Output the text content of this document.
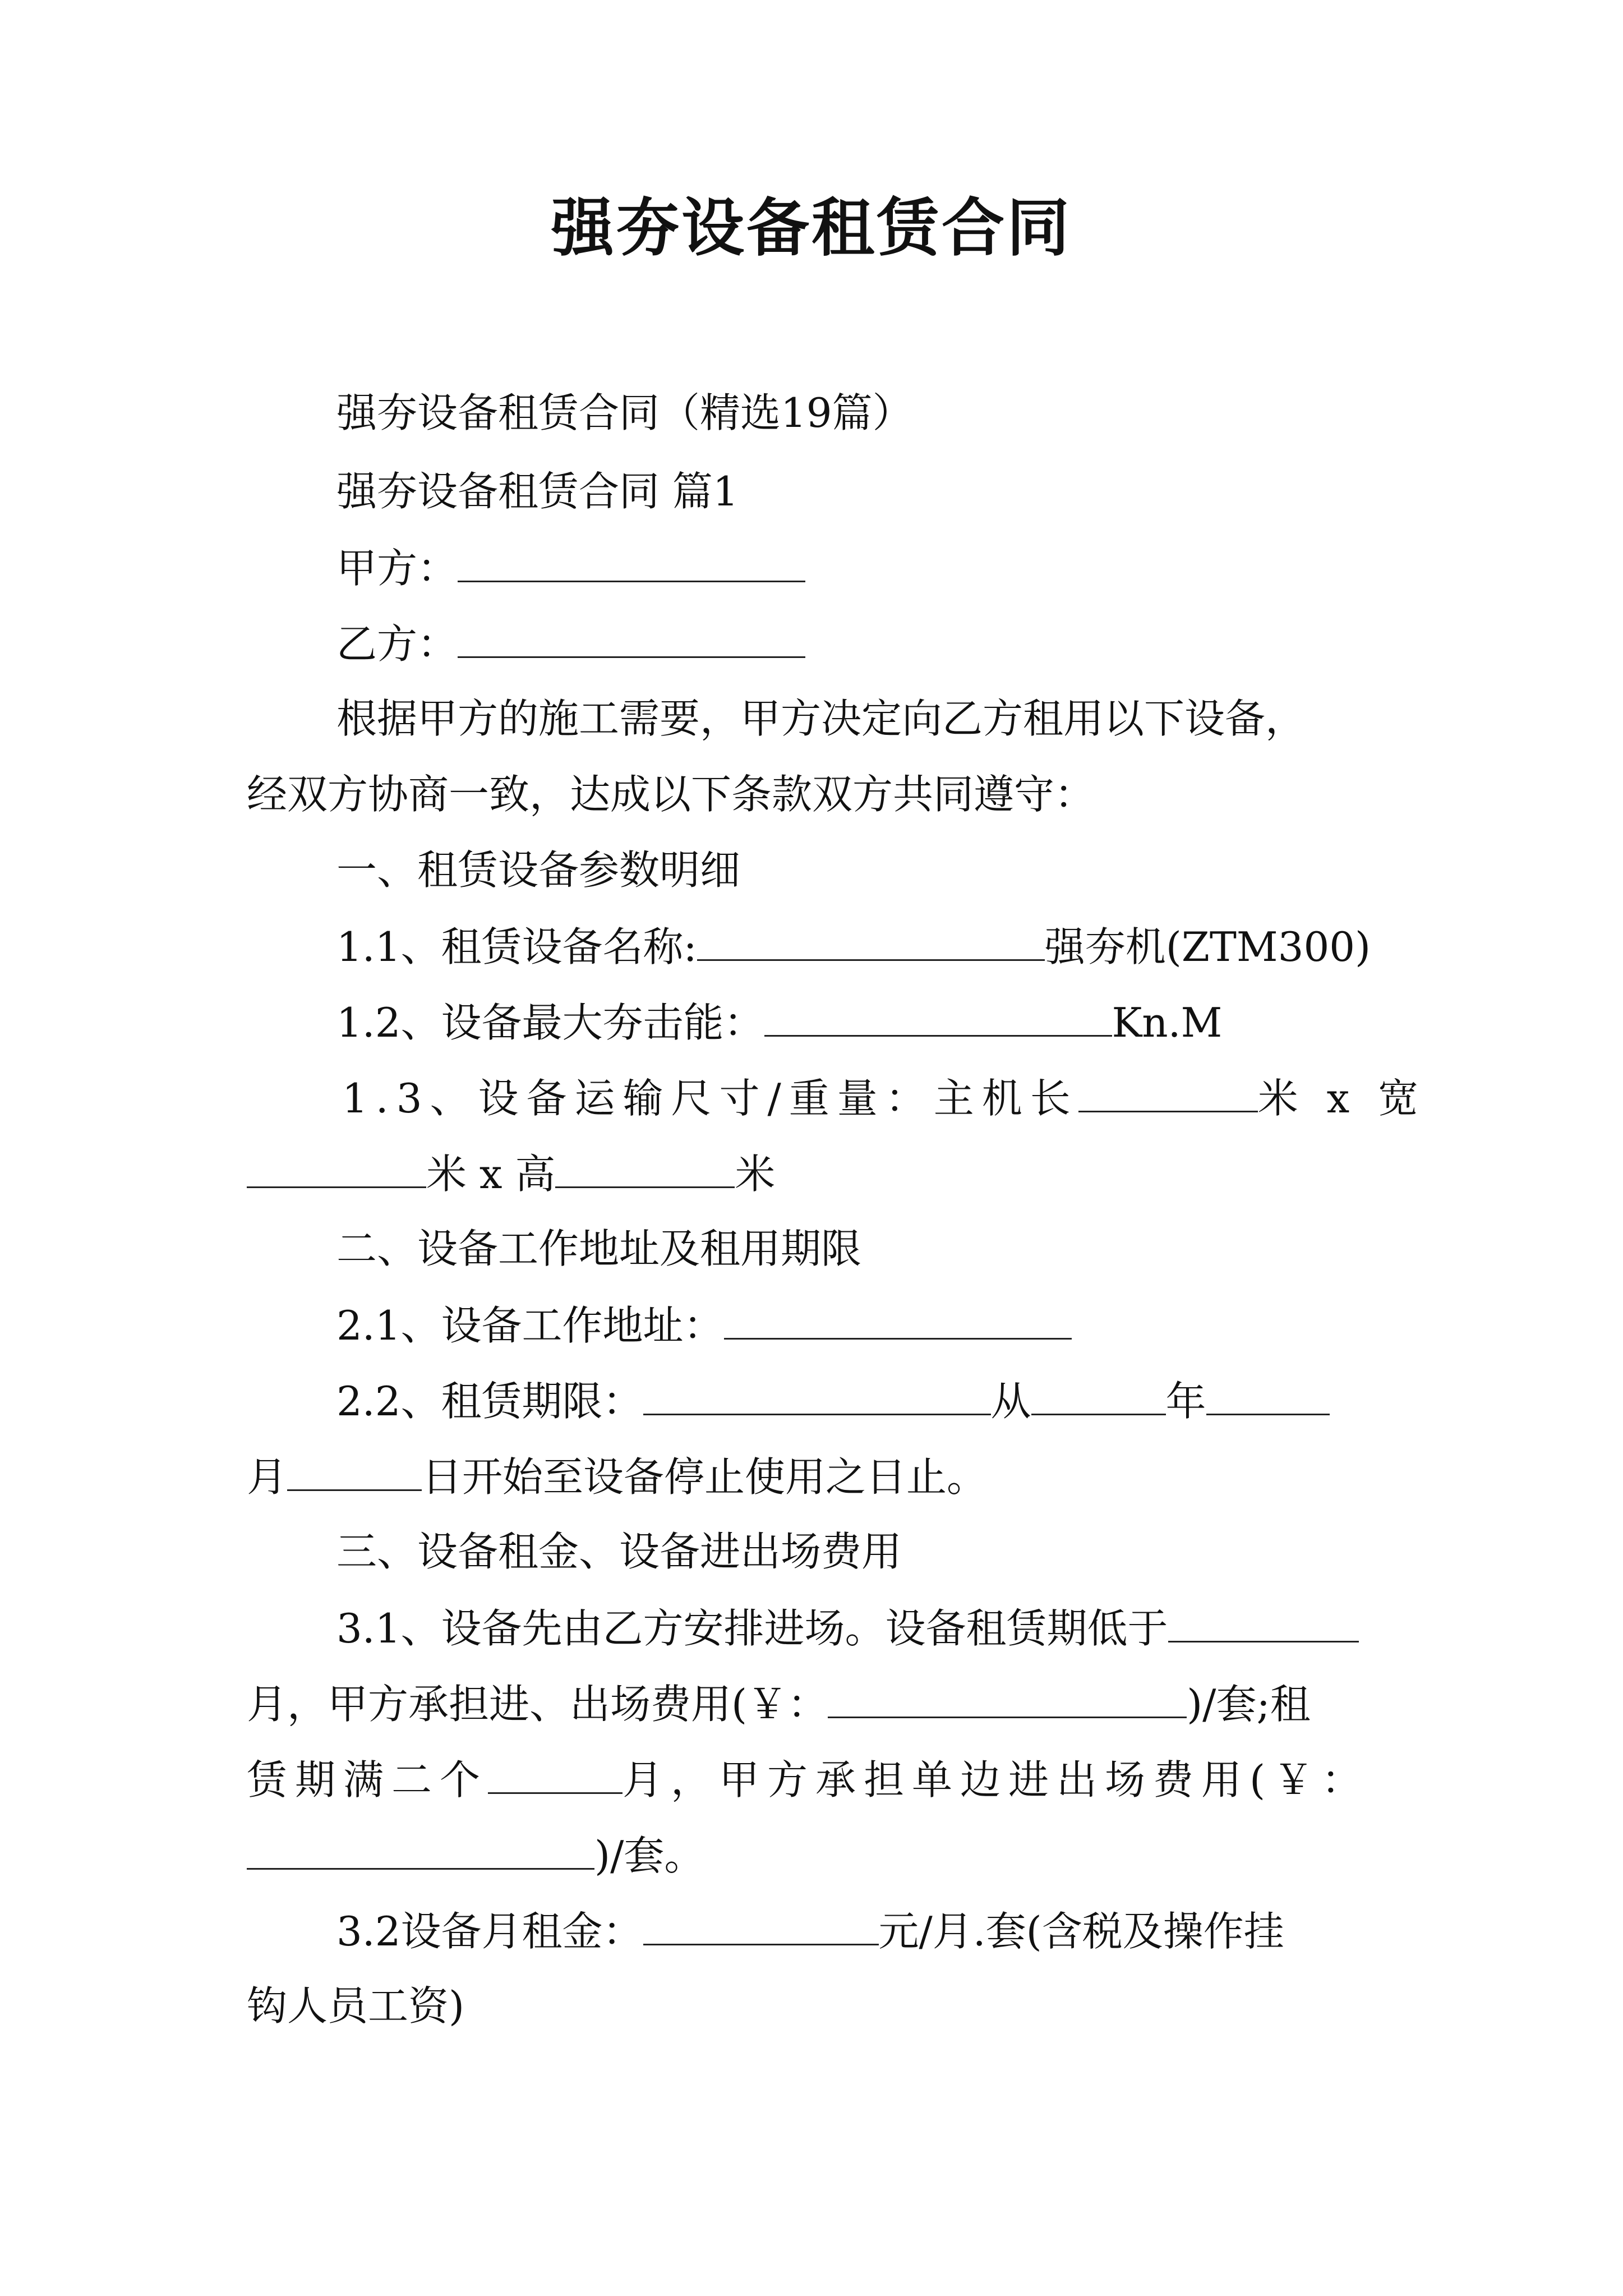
强夯设备租赁合同
强夯设备租赁合同（精选19篇）
强夯设备租赁合同 篇1
甲方：
乙方：
根据甲方的施工需要，甲方决定向乙方租用以下设备，
经双方协商一致，达成以下条款双方共同遵守：
一、租赁设备参数明细
1.1、租赁设备名称:	强夯机(ZTM300)
1.2、设备最大夯击能：	Kn.M
1.3、设备运输尺寸/重量：主机长	米 x 宽
米 x 高	米
二、设备工作地址及租用期限
2.1、设备工作地址：
2.2、租赁期限：	从	年
月	日开始至设备停止使用之日止。
三、设备租金、设备进出场费用
3.1、设备先由乙方安排进场。设备租赁期低于
月，甲方承担进、出场费用(￥：	)/套;租
赁期满二个	月，甲方承担单边进出场费用(￥：
)/套。
3.2设备月租金：	元/月.套(含税及操作挂
钩人员工资)
